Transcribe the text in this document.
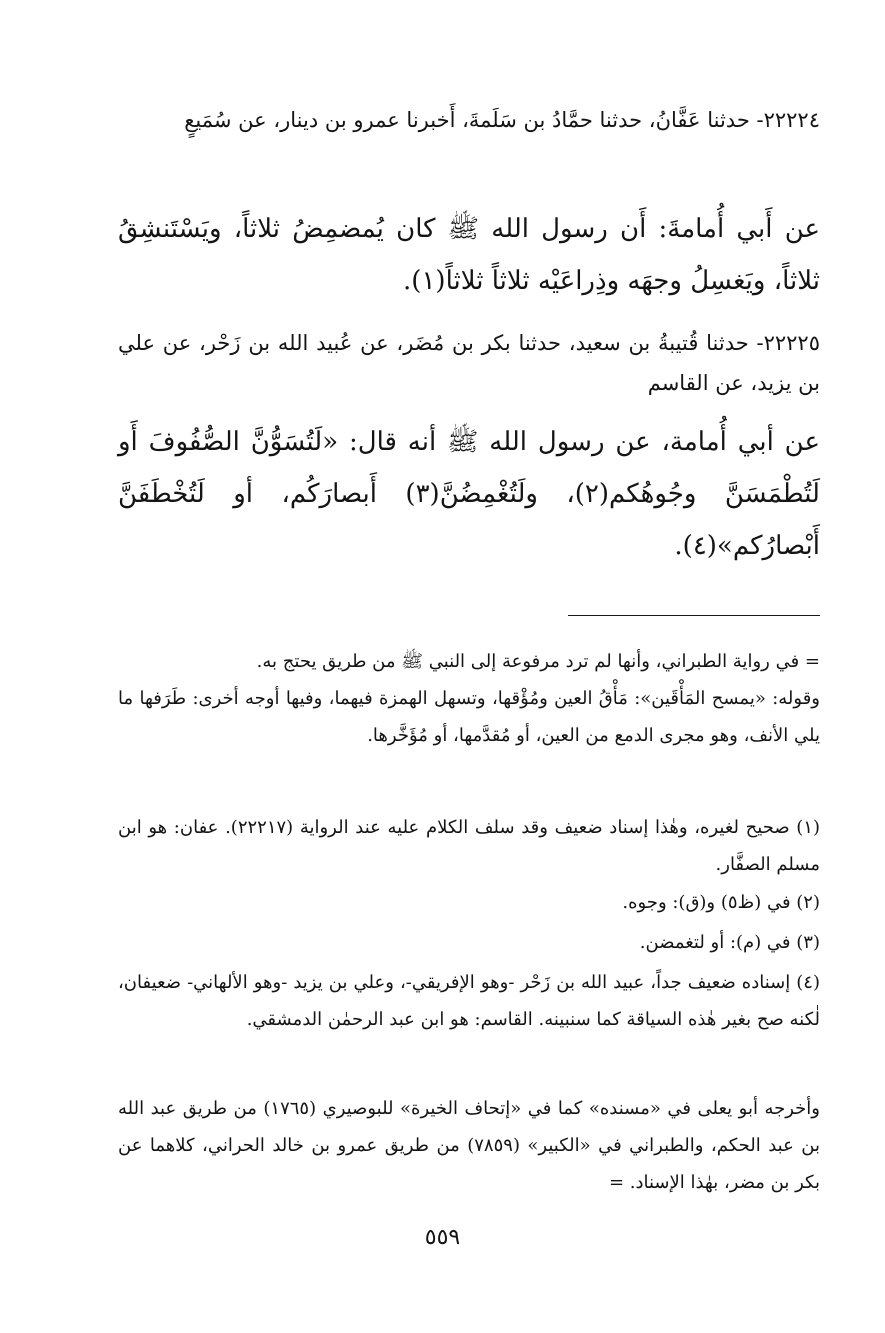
٢٢٢٢٤- حدثنا عَفَّانُ، حدثنا حمَّادُ بن سَلَمةَ، أَخبرنا عمرو بن دينار، عن سُمَيعٍ
عن أَبي أُمامةَ: أَن رسول الله ﷺ كان يُمضمِضُ ثلاثاً، ويَسْتَنشِقُ ثلاثاً، ويَغسِلُ وجهَه وذِراعَيْه ثلاثاً ثلاثاً(١).
٢٢٢٢٥- حدثنا قُتيبةُ بن سعيد، حدثنا بكر بن مُضَر، عن عُبيد الله بن زَحْر، عن علي بن يزيد، عن القاسم
عن أبي أُمامة، عن رسول الله ﷺ أنه قال: «لَتُسَوُّنَّ الصُّفُوفَ أَو لَتُطْمَسَنَّ وجُوهُكم(٢)، ولَتُغْمِضُنَّ(٣) أَبصارَكُم، أو لَتُخْطَفَنَّ أَبْصارُكم»(٤).
= في رواية الطبراني، وأنها لم ترد مرفوعة إلى النبي ﷺ من طريق يحتج به.
وقوله: «يمسح المَأْقَين»: مَأْقُ العين ومُؤْقها، وتسهل الهمزة فيهما، وفيها أوجه أخرى: طَرَفها ما يلي الأنف، وهو مجرى الدمع من العين، أو مُقدَّمها، أو مُؤَخَّرها.
(١) صحيح لغيره، وهٰذا إسناد ضعيف وقد سلف الكلام عليه عند الرواية (٢٢٢١٧). عفان: هو ابن مسلم الصفَّار.
(٢) في (ظ٥) و(ق): وجوه.
(٣) في (م): أو لتغمضن.
(٤) إسناده ضعيف جداً، عبيد الله بن زَحْر -وهو الإفريقي-، وعلي بن يزيد -وهو الألهاني- ضعيفان، لٰكنه صح بغير هٰذه السياقة كما سنبينه. القاسم: هو ابن عبد الرحمٰن الدمشقي.
وأخرجه أبو يعلى في «مسنده» كما في «إتحاف الخيرة» للبوصيري (١٧٦٥) من طريق عبد الله بن عبد الحكم، والطبراني في «الكبير» (٧٨٥٩) من طريق عمرو بن خالد الحراني، كلاهما عن بكر بن مضر، بهٰذا الإسناد. =
٥٥٩
